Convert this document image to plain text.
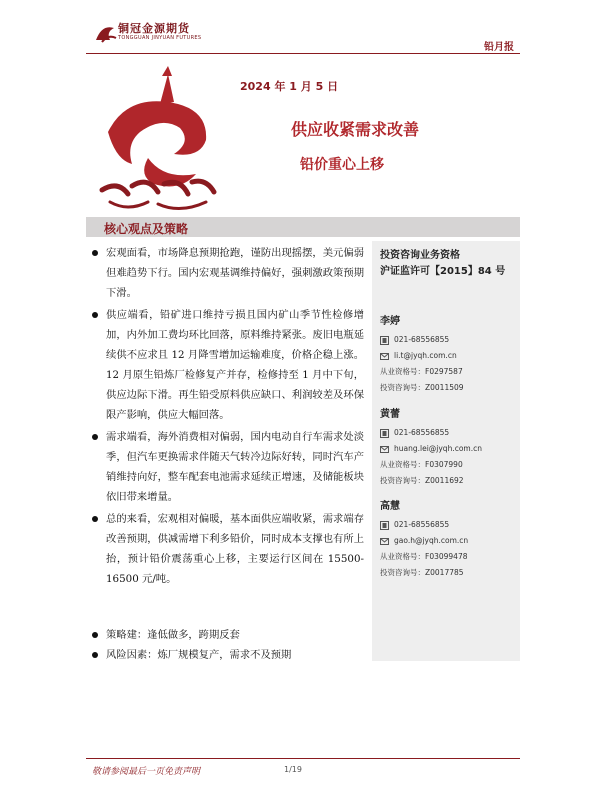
铜冠金源期货
TONGGUAN JINYUAN FUTURES
铅月报
2024 年 1 月 5 日
供应收紧需求改善
铅价重心上移
核心观点及策略

宏观面看，市场降息预期抢跑，谨防出现摇摆，美元偏弱但难趋势下行。国内宏观基调维持偏好，强刺激政策预期下滑。

供应端看，铅矿进口维持亏损且国内矿山季节性检修增加，内外加工费均环比回落，原料维持紧张。废旧电瓶延续供不应求且 12 月降雪增加运输难度，价格企稳上涨。12 月原生铅炼厂检修复产并存，检修持至 1 月中下旬，供应边际下滑。再生铅受原料供应缺口、利润较差及环保限产影响，供应大幅回落。

需求端看，海外消费相对偏弱，国内电动自行车需求处淡季，但汽车更换需求伴随天气转冷边际好转，同时汽车产销维持向好，整车配套电池需求延续正增速，及储能板块依旧带来增量。

总的来看，宏观相对偏暖，基本面供应端收紧，需求端存改善预期，供减需增下利多铅价，同时成本支撑也有所上抬，预计铅价震荡重心上移，主要运行区间在 15500-16500 元/吨。

策略建：逢低做多，跨期反套

风险因素：炼厂规模复产，需求不及预期

投资咨询业务资格
沪证监许可【2015】84 号
李婷
021-68556855
li.t@jyqh.com.cn
从业资格号：F0297587
投资咨询号：Z0011509
黄蕾
021-68556855
huang.lei@jyqh.com.cn
从业资格号：F0307990
投资咨询号：Z0011692
高慧
021-68556855
gao.h@jyqh.com.cn
从业资格号：F03099478
投资咨询号：Z0017785
敬请参阅最后一页免责声明	1/19
